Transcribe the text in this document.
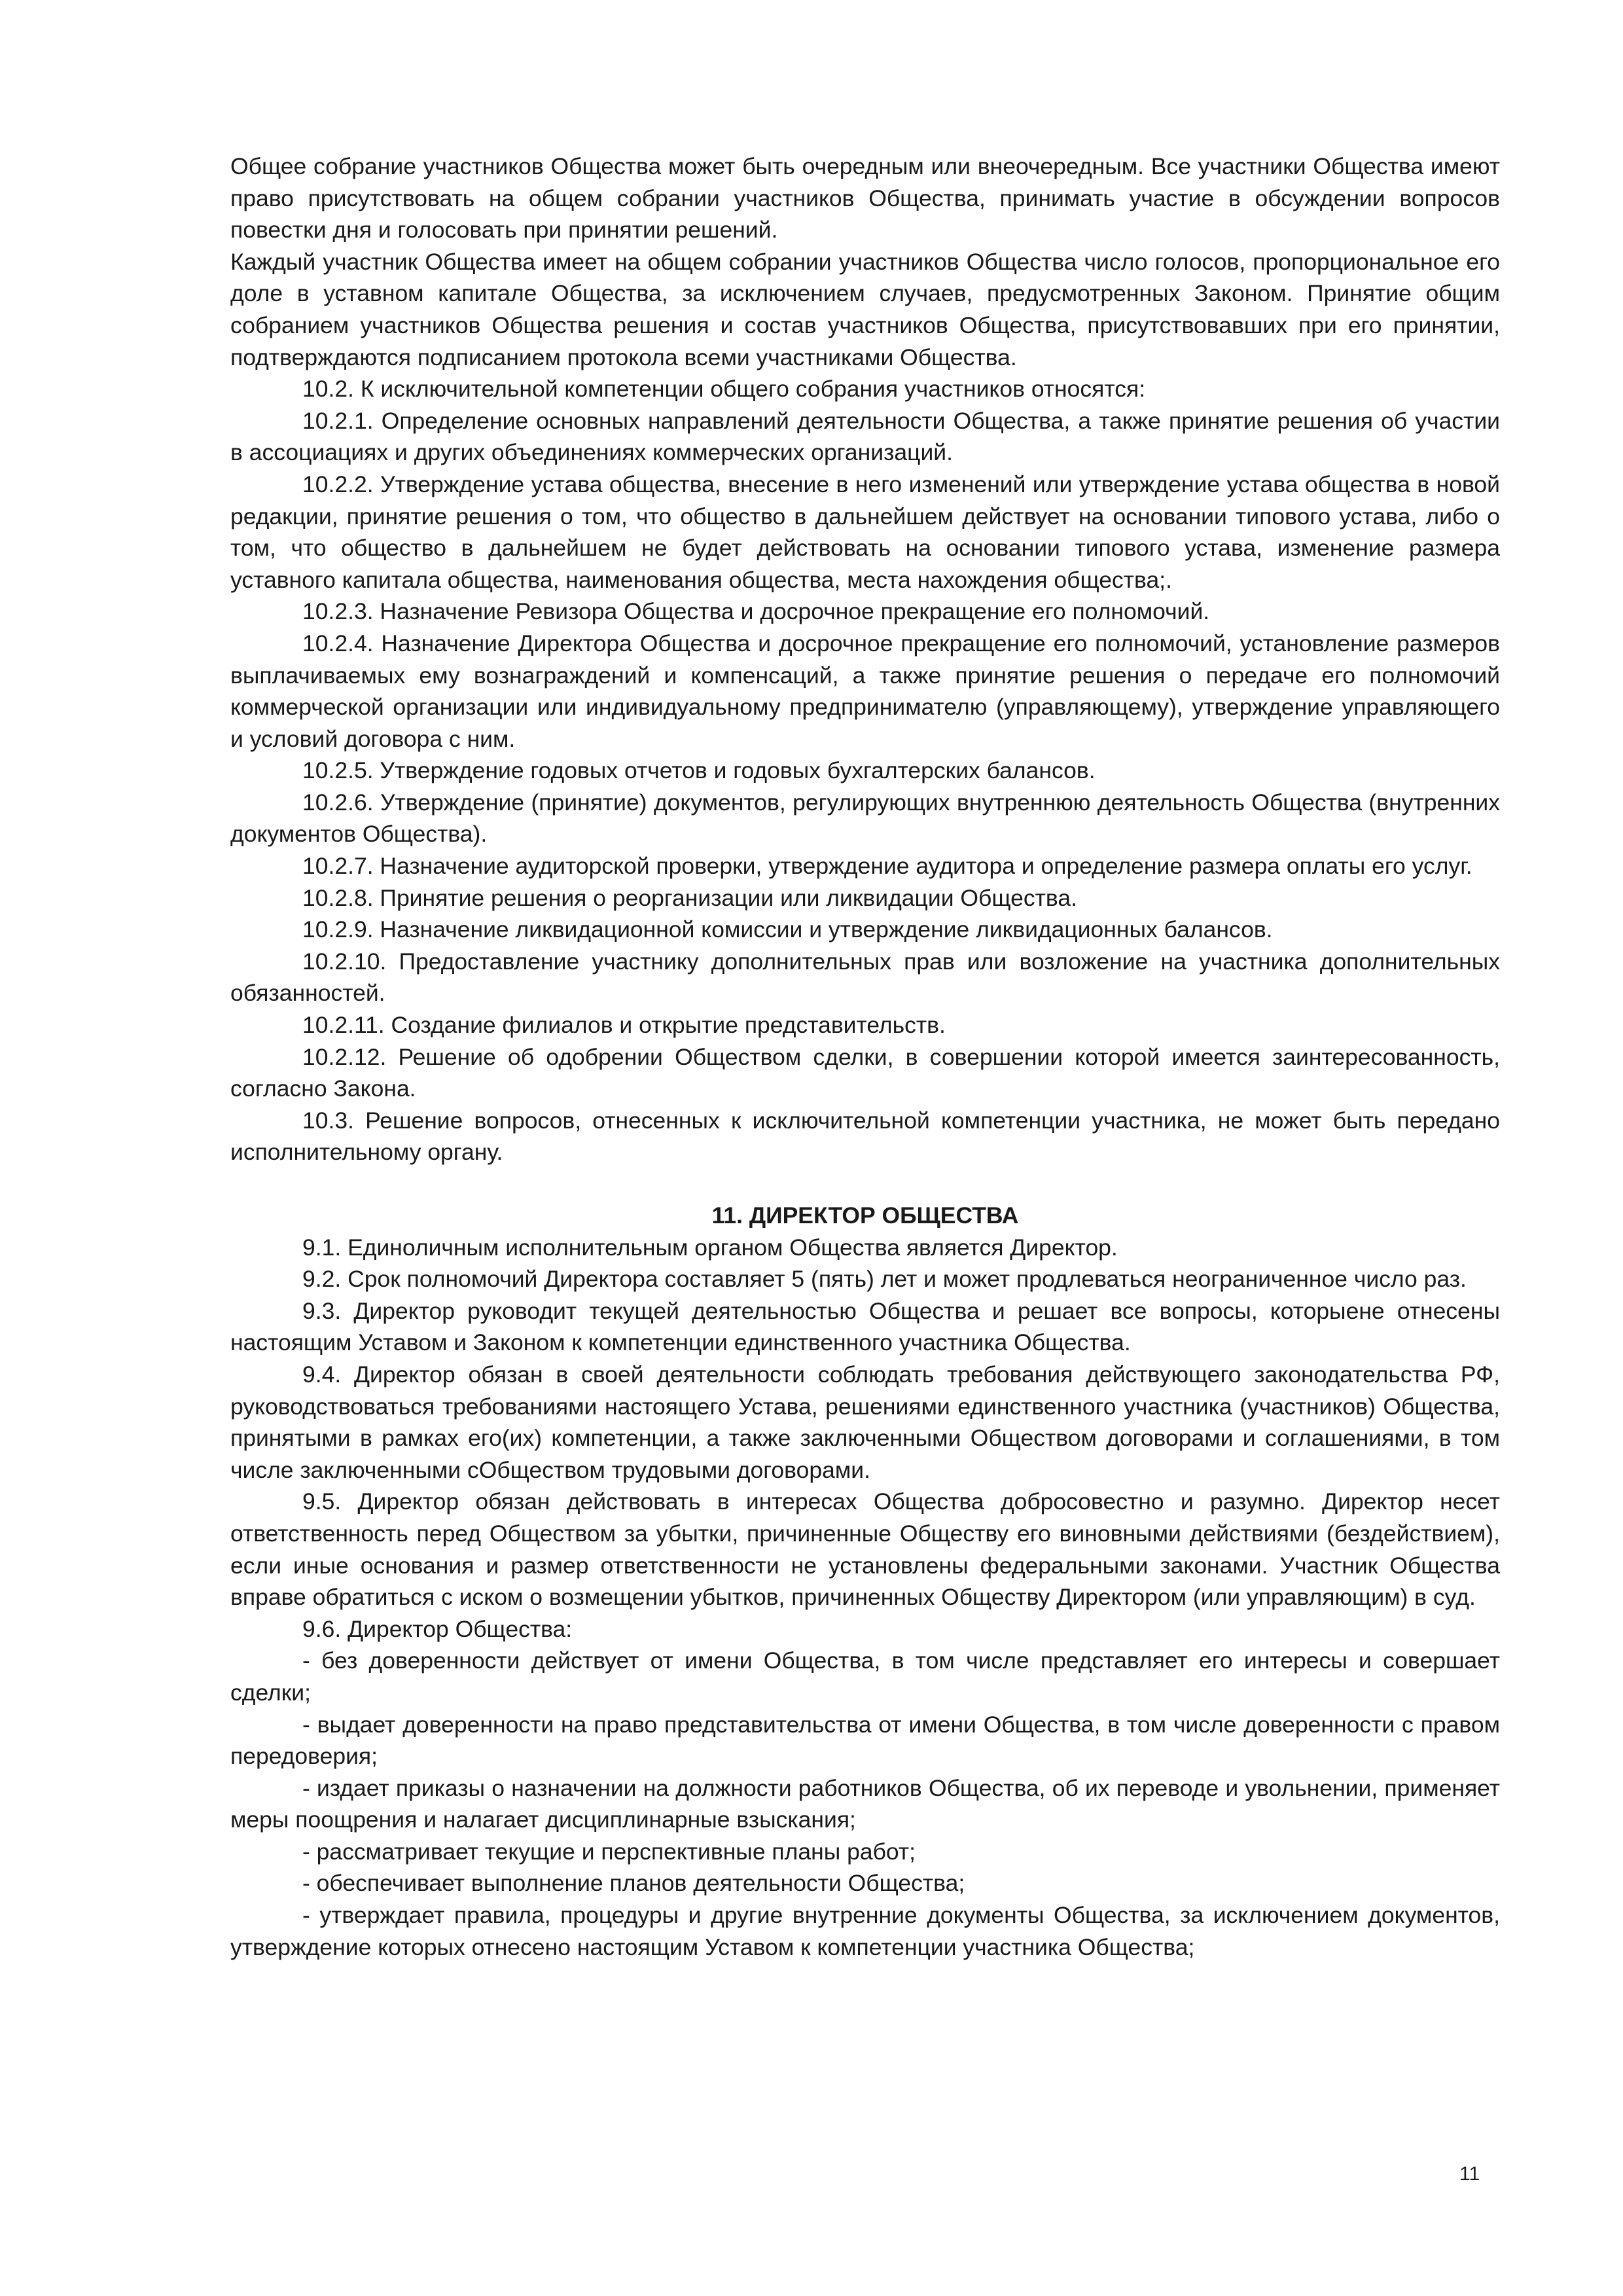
Общее собрание участников Общества может быть очередным или внеочередным. Все участники Общества имеют право присутствовать на общем собрании участников Общества, принимать участие в обсуждении вопросов повестки дня и голосовать при принятии решений.

Каждый участник Общества имеет на общем собрании участников Общества число голосов, пропорциональное его доле в уставном капитале Общества, за исключением случаев, предусмотренных Законом. Принятие общим собранием участников Общества решения и состав участников Общества, присутствовавших при его принятии, подтверждаются подписанием протокола всеми участниками Общества.

10.2. К исключительной компетенции общего собрания участников относятся:

10.2.1. Определение основных направлений деятельности Общества, а также принятие решения об участии в ассоциациях и других объединениях коммерческих организаций.

10.2.2. Утверждение устава общества, внесение в него изменений или утверждение устава общества в новой редакции, принятие решения о том, что общество в дальнейшем действует на основании типового устава, либо о том, что общество в дальнейшем не будет действовать на основании типового устава, изменение размера уставного капитала общества, наименования общества, места нахождения общества;.

10.2.3. Назначение Ревизора Общества и досрочное прекращение его полномочий.

10.2.4. Назначение Директора Общества и досрочное прекращение его полномочий, установление размеров выплачиваемых ему вознаграждений и компенсаций, а также принятие решения о передаче его полномочий коммерческой организации или индивидуальному предпринимателю (управляющему), утверждение управляющего и условий договора с ним.

10.2.5. Утверждение годовых отчетов и годовых бухгалтерских балансов.

10.2.6. Утверждение (принятие) документов, регулирующих внутреннюю деятельность Общества (внутренних документов Общества).

10.2.7. Назначение аудиторской проверки, утверждение аудитора и определение размера оплаты его услуг.

10.2.8. Принятие решения о реорганизации или ликвидации Общества.

10.2.9. Назначение ликвидационной комиссии и утверждение ликвидационных балансов.

10.2.10. Предоставление участнику дополнительных прав или возложение на участника дополнительных обязанностей.

10.2.11. Создание филиалов и открытие представительств.

10.2.12. Решение об одобрении Обществом сделки, в совершении которой имеется заинтересованность, согласно Закона.

10.3. Решение вопросов, отнесенных к исключительной компетенции участника, не может быть передано исполнительному органу.

11. ДИРЕКТОР ОБЩЕСТВА

9.1. Единоличным исполнительным органом Общества является Директор.

9.2. Срок полномочий Директора составляет 5 (пять) лет и может продлеваться неограниченное число раз.

9.3. Директор руководит текущей деятельностью Общества и решает все вопросы, которыене отнесены настоящим Уставом и Законом к компетенции единственного участника Общества.

9.4. Директор обязан в своей деятельности соблюдать требования действующего законодательства РФ, руководствоваться требованиями настоящего Устава, решениями единственного участника (участников) Общества, принятыми в рамках его(их) компетенции, а также заключенными Обществом договорами и соглашениями, в том числе заключенными сОбществом трудовыми договорами.

9.5. Директор обязан действовать в интересах Общества добросовестно и разумно. Директор несет ответственность перед Обществом за убытки, причиненные Обществу его виновными действиями (бездействием), если иные основания и размер ответственности не установлены федеральными законами. Участник Общества вправе обратиться с иском о возмещении убытков, причиненных Обществу Директором (или управляющим) в суд.

9.6. Директор Общества:

- без доверенности действует от имени Общества, в том числе представляет его интересы и совершает сделки;

- выдает доверенности на право представительства от имени Общества, в том числе доверенности с правом передоверия;

- издает приказы о назначении на должности работников Общества, об их переводе и увольнении, применяет меры поощрения и налагает дисциплинарные взыскания;

- рассматривает текущие и перспективные планы работ;

- обеспечивает выполнение планов деятельности Общества;

- утверждает правила, процедуры и другие внутренние документы Общества, за исключением документов, утверждение которых отнесено настоящим Уставом к компетенции участника Общества;

11
